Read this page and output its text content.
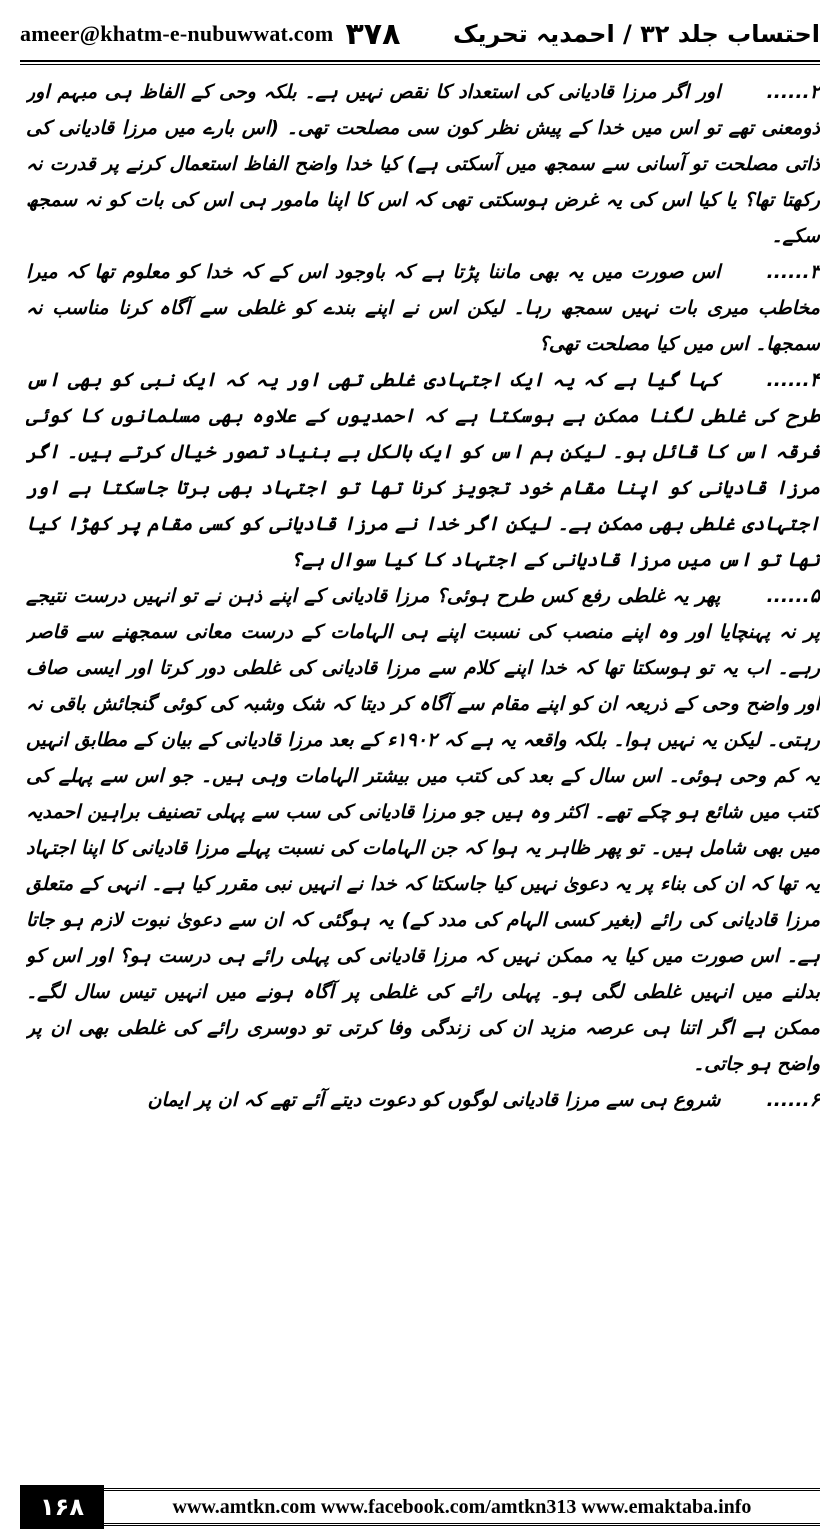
ameer@khatm-e-nubuwwat.com ٣٧٨ احتساب جلد ۳۲ / احمدیہ تحریک

۲......اور اگر مرزا قادیانی کی استعداد کا نقص نہیں ہے۔ بلکہ وحی کے الفاظ ہی مبہم اور ذومعنی تھے تو اس میں خدا کے پیش نظر کون سی مصلحت تھی۔ (اس بارے میں مرزا قادیانی کی ذاتی مصلحت تو آسانی سے سمجھ میں آسکتی ہے) کیا خدا واضح الفاظ استعمال کرنے پر قدرت نہ رکھتا تھا؟ یا کیا اس کی یہ غرض ہوسکتی تھی کہ اس کا اپنا مامور ہی اس کی بات کو نہ سمجھ سکے۔

۳......اس صورت میں یہ بھی ماننا پڑتا ہے کہ باوجود اس کے کہ خدا کو معلوم تھا کہ میرا مخاطب میری بات نہیں سمجھ رہا۔ لیکن اس نے اپنے بندے کو غلطی سے آگاہ کرنا مناسب نہ سمجھا۔ اس میں کیا مصلحت تھی؟

۴......کہا گیا ہے کہ یہ ایک اجتہادی غلطی تھی اور یہ کہ ایک نبی کو بھی اس طرح کی غلطی لگنا ممکن ہے ہوسکتا ہے کہ احمدیوں کے علاوہ بھی مسلمانوں کا کوئی فرقہ اس کا قائل ہو۔ لیکن ہم اس کو ایک بالکل بے بنیاد تصور خیال کرتے ہیں۔ اگر مرزا قادیانی کو اپنا مقام خود تجویز کرنا تھا تو اجتہاد بھی برتا جاسکتا ہے اور اجتہادی غلطی بھی ممکن ہے۔ لیکن اگر خدا نے مرزا قادیانی کو کسی مقام پر کھڑا کیا تھا تو اس میں مرزا قادیانی کے اجتہاد کا کیا سوال ہے؟

۵......پھر یہ غلطی رفع کس طرح ہوئی؟ مرزا قادیانی کے اپنے ذہن نے تو انہیں درست نتیجے پر نہ پہنچایا اور وہ اپنے منصب کی نسبت اپنے ہی الہامات کے درست معانی سمجھنے سے قاصر رہے۔ اب یہ تو ہوسکتا تھا کہ خدا اپنے کلام سے مرزا قادیانی کی غلطی دور کرتا اور ایسی صاف اور واضح وحی کے ذریعہ ان کو اپنے مقام سے آگاہ کر دیتا کہ شک وشبہ کی کوئی گنجائش باقی نہ رہتی۔ لیکن یہ نہیں ہوا۔ بلکہ واقعہ یہ ہے کہ ۱۹۰۲ء کے بعد مرزا قادیانی کے بیان کے مطابق انہیں یہ کم وحی ہوئی۔ اس سال کے بعد کی کتب میں بیشتر الہامات وہی ہیں۔ جو اس سے پہلے کی کتب میں شائع ہو چکے تھے۔ اکثر وہ ہیں جو مرزا قادیانی کی سب سے پہلی تصنیف براہین احمدیہ میں بھی شامل ہیں۔ تو پھر ظاہر یہ ہوا کہ جن الہامات کی نسبت پہلے مرزا قادیانی کا اپنا اجتہاد یہ تھا کہ ان کی بناء پر یہ دعویٰ نہیں کیا جاسکتا کہ خدا نے انہیں نبی مقرر کیا ہے۔ انہی کے متعلق مرزا قادیانی کی رائے (بغیر کسی الہام کی مدد کے) یہ ہوگئی کہ ان سے دعویٰ نبوت لازم ہو جاتا ہے۔ اس صورت میں کیا یہ ممکن نہیں کہ مرزا قادیانی کی پہلی رائے ہی درست ہو؟ اور اس کو بدلنے میں انہیں غلطی لگی ہو۔ پہلی رائے کی غلطی پر آگاہ ہونے میں انہیں تیس سال لگے۔ ممکن ہے اگر اتنا ہی عرصہ مزید ان کی زندگی وفا کرتی تو دوسری رائے کی غلطی بھی ان پر واضح ہو جاتی۔

۶......شروع ہی سے مرزا قادیانی لوگوں کو دعوت دیتے آئے تھے کہ ان پر ایمان

۱۶۸	www.amtkn.com www.facebook.com/amtkn313 www.emaktaba.info
